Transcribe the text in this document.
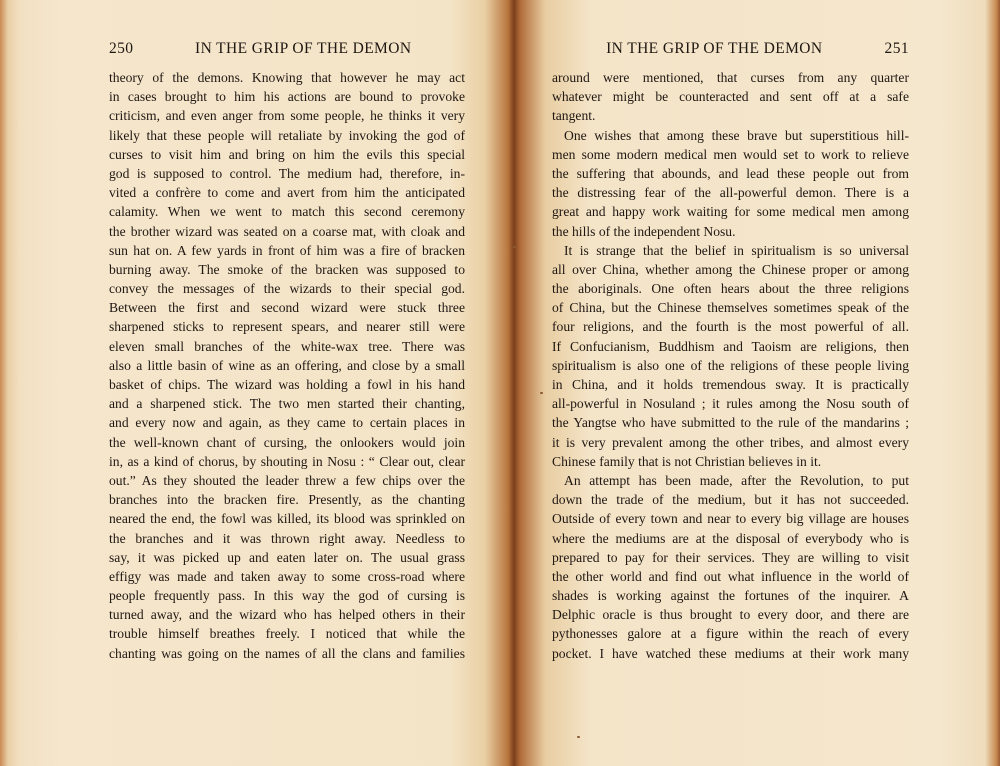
250	IN THE GRIP OF THE DEMON
theory of the demons. Knowing that however he may act
in cases brought to him his actions are bound to provoke
criticism, and even anger from some people, he thinks it very
likely that these people will retaliate by invoking the god of
curses to visit him and bring on him the evils this special
god is supposed to control. The medium had, therefore, in-
vited a confrère to come and avert from him the anticipated
calamity. When we went to match this second ceremony
the brother wizard was seated on a coarse mat, with cloak and
sun hat on. A few yards in front of him was a fire of bracken
burning away. The smoke of the bracken was supposed to
convey the messages of the wizards to their special god.
Between the first and second wizard were stuck three
sharpened sticks to represent spears, and nearer still were
eleven small branches of the white-wax tree. There was
also a little basin of wine as an offering, and close by a small
basket of chips. The wizard was holding a fowl in his hand
and a sharpened stick. The two men started their chanting,
and every now and again, as they came to certain places in
the well-known chant of cursing, the onlookers would join
in, as a kind of chorus, by shouting in Nosu : “ Clear out, clear
out.” As they shouted the leader threw a few chips over the
branches into the bracken fire. Presently, as the chanting
neared the end, the fowl was killed, its blood was sprinkled on
the branches and it was thrown right away. Needless to
say, it was picked up and eaten later on. The usual grass
effigy was made and taken away to some cross-road where
people frequently pass. In this way the god of cursing is
turned away, and the wizard who has helped others in their
trouble himself breathes freely. I noticed that while the
chanting was going on the names of all the clans and families
IN THE GRIP OF THE DEMON	251
around were mentioned, that curses from any quarter
whatever might be counteracted and sent off at a safe
tangent.
One wishes that among these brave but superstitious hill-
men some modern medical men would set to work to relieve
the suffering that abounds, and lead these people out from
the distressing fear of the all-powerful demon. There is a
great and happy work waiting for some medical men among
the hills of the independent Nosu.
It is strange that the belief in spiritualism is so universal
all over China, whether among the Chinese proper or among
the aboriginals. One often hears about the three religions
of China, but the Chinese themselves sometimes speak of the
four religions, and the fourth is the most powerful of all.
If Confucianism, Buddhism and Taoism are religions, then
spiritualism is also one of the religions of these people living
in China, and it holds tremendous sway. It is practically
all-powerful in Nosuland ; it rules among the Nosu south of
the Yangtse who have submitted to the rule of the mandarins ;
it is very prevalent among the other tribes, and almost every
Chinese family that is not Christian believes in it.
An attempt has been made, after the Revolution, to put
down the trade of the medium, but it has not succeeded.
Outside of every town and near to every big village are houses
where the mediums are at the disposal of everybody who is
prepared to pay for their services. They are willing to visit
the other world and find out what influence in the world of
shades is working against the fortunes of the inquirer. A
Delphic oracle is thus brought to every door, and there are
pythonesses galore at a figure within the reach of every
pocket. I have watched these mediums at their work many
